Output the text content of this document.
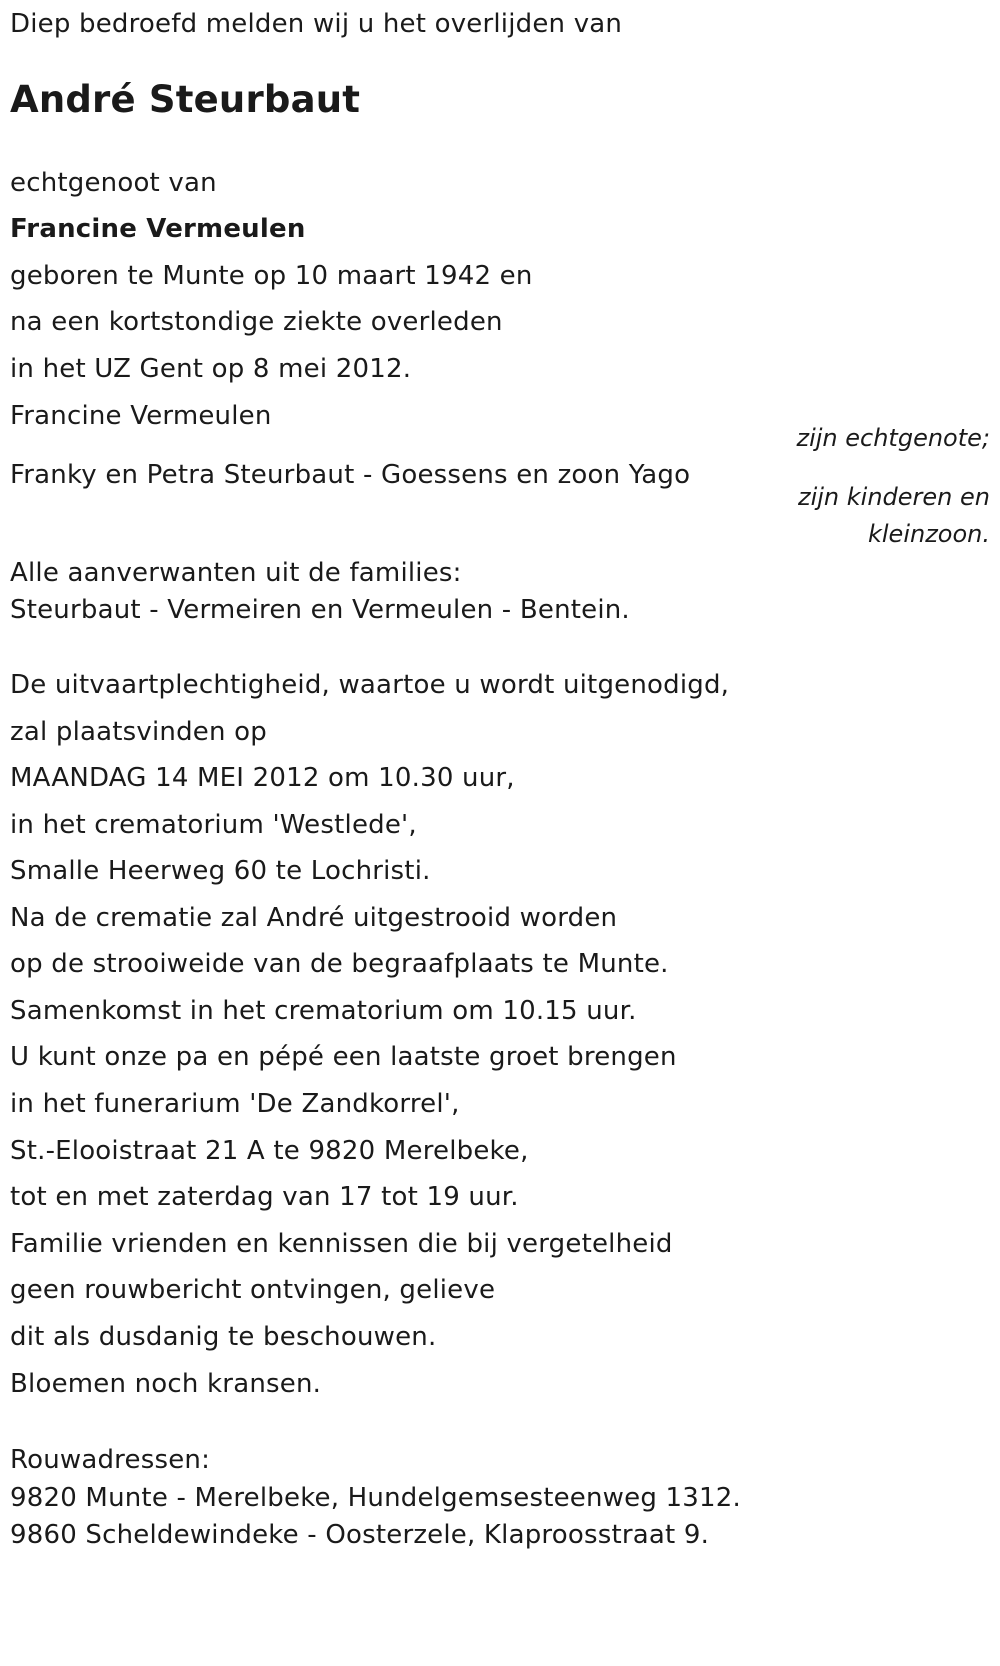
Diep bedroefd melden wij u het overlijden van
André Steurbaut
echtgenoot van
Francine Vermeulen
geboren te Munte op 10 maart 1942 en
na een kortstondige ziekte overleden
in het UZ Gent op 8 mei 2012.
Francine Vermeulen
zijn echtgenote;
Franky en Petra Steurbaut - Goessens en zoon Yago
zijn kinderen en
kleinzoon.
Alle aanverwanten uit de families:
Steurbaut - Vermeiren en Vermeulen - Bentein.
De uitvaartplechtigheid, waartoe u wordt uitgenodigd,
zal plaatsvinden op
MAANDAG 14 MEI 2012 om 10.30 uur,
in het crematorium 'Westlede',
Smalle Heerweg 60 te Lochristi.
Na de crematie zal André uitgestrooid worden
op de strooiweide van de begraafplaats te Munte.
Samenkomst in het crematorium om 10.15 uur.
U kunt onze pa en pépé een laatste groet brengen
in het funerarium 'De Zandkorrel',
St.-Elooistraat 21 A te 9820 Merelbeke,
tot en met zaterdag van 17 tot 19 uur.
Familie vrienden en kennissen die bij vergetelheid
geen rouwbericht ontvingen, gelieve
dit als dusdanig te beschouwen.
Bloemen noch kransen.
Rouwadressen:
9820 Munte - Merelbeke, Hundelgemsesteenweg 1312.
9860 Scheldewindeke - Oosterzele, Klaproosstraat 9.
